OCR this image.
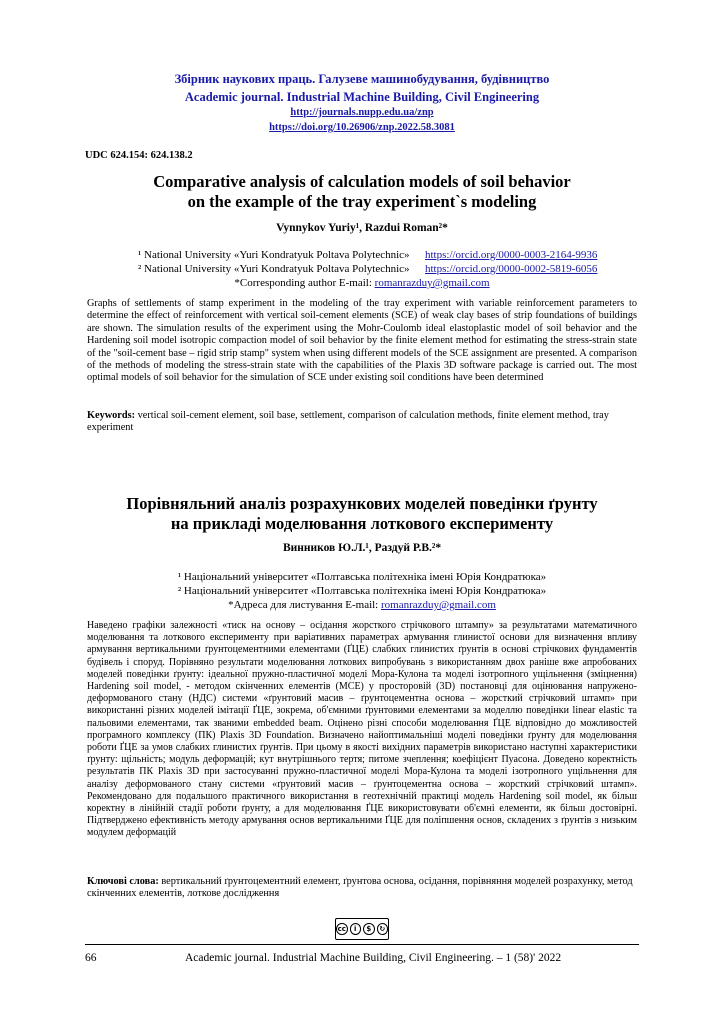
Збірник наукових праць. Галузеве машинобудування, будівництво
Academic journal. Industrial Machine Building, Civil Engineering
http://journals.nupp.edu.ua/znp
https://doi.org/10.26906/znp.2022.58.3081
UDC 624.154: 624.138.2
Comparative analysis of calculation models of soil behavior
on the example of the tray experiment`s modeling
Vynnykov Yuriy¹, Razdui Roman²*
¹ National University «Yuri Kondratyuk Poltava Polytechnic» https://orcid.org/0000-0003-2164-9936
² National University «Yuri Kondratyuk Poltava Polytechnic» https://orcid.org/0000-0002-5819-6056
*Corresponding author E-mail: romanrazduy@gmail.com
Graphs of settlements of stamp experiment in the modeling of the tray experiment with variable reinforcement parameters to determine the effect of reinforcement with vertical soil-cement elements (SCE) of weak clay bases of strip foundations of buildings are shown. The simulation results of the experiment using the Mohr-Coulomb ideal elastoplastic model of soil behavior and the Hardening soil model isotropic compaction model of soil behavior by the finite element method for estimating the stress-strain state of the "soil-cement base – rigid strip stamp" system when using different models of the SCE assignment are presented. A comparison of the methods of modeling the stress-strain state with the capabilities of the Plaxis 3D software package is carried out. The most optimal models of soil behavior for the simulation of SCE under existing soil conditions have been determined
Keywords: vertical soil-cement element, soil base, settlement, comparison of calculation methods, finite element method, tray experiment
Порівняльний аналіз розрахункових моделей поведінки ґрунту
на прикладі моделювання лоткового експерименту
Винников Ю.Л.¹, Раздуй Р.В.²*
¹ Національний університет «Полтавська політехніка імені Юрія Кондратюка»
² Національний університет «Полтавська політехніка імені Юрія Кондратюка»
*Адреса для листування E-mail: romanrazduy@gmail.com
Наведено графіки залежності «тиск на основу – осідання жорсткого стрічкового штампу» за результатами математичного моделювання та лоткового експерименту при варіативних параметрах армування глинистої основи для визначення впливу армування вертикальними ґрунтоцементними елементами (ҐЦЕ) слабких глинистих ґрунтів в основі стрічкових фундаментів будівель і споруд. Порівняно результати моделювання лоткових випробувань з використанням двох раніше вже апробованих моделей поведінки ґрунту: ідеальної пружно-пластичної моделі Мора-Кулона та моделі ізотропного ущільнення (зміцнення) Hardening soil model, - методом скінченних елементів (МСЕ) у просторовій (3D) постановці для оцінювання напружено-деформованого стану (НДС) системи «ґрунтовий масив – ґрунтоцементна основа – жорсткий стрічковий штамп» при використанні різних моделей імітації ҐЦЕ, зокрема, об'ємними ґрунтовими елементами за моделлю поведінки linear elastic та пальовими елементами, так званими embedded beam. Оцінено різні способи моделювання ҐЦЕ відповідно до можливостей програмного комплексу (ПК) Plaxis 3D Foundation. Визначено найоптимальніші моделі поведінки ґрунту для моделювання роботи ҐЦЕ за умов слабких глинистих ґрунтів. При цьому в якості вихідних параметрів використано наступні характеристики ґрунту: щільність; модуль деформацій; кут внутрішнього тертя; питоме зчеплення; коефіцієнт Пуасона. Доведено коректність результатів ПК Plaxis 3D при застосуванні пружно-пластичної моделі Мора-Кулона та моделі ізотропного ущільнення для аналізу деформованого стану системи «ґрунтовий масив – ґрунтоцементна основа – жорсткий стрічковий штамп». Рекомендовано для подальшого практичного використання в геотехнічній практиці модель Hardening soil model, як більш коректну в лінійній стадії роботи ґрунту, а для моделювання ҐЦЕ використовувати об'ємні елементи, як більш достовірні. Підтверджено ефективність методу армування основ вертикальними ҐЦЕ для поліпшення основ, складених з ґрунтів з низьким модулем деформацій
Ключові слова: вертикальний ґрунтоцементний елемент, ґрунтова основа, осідання, порівняння моделей розрахунку, метод скінченних елементів, лоткове дослідження
cc	i	$	↻
66	Academic journal. Industrial Machine Building, Civil Engineering. – 1 (58)' 2022
